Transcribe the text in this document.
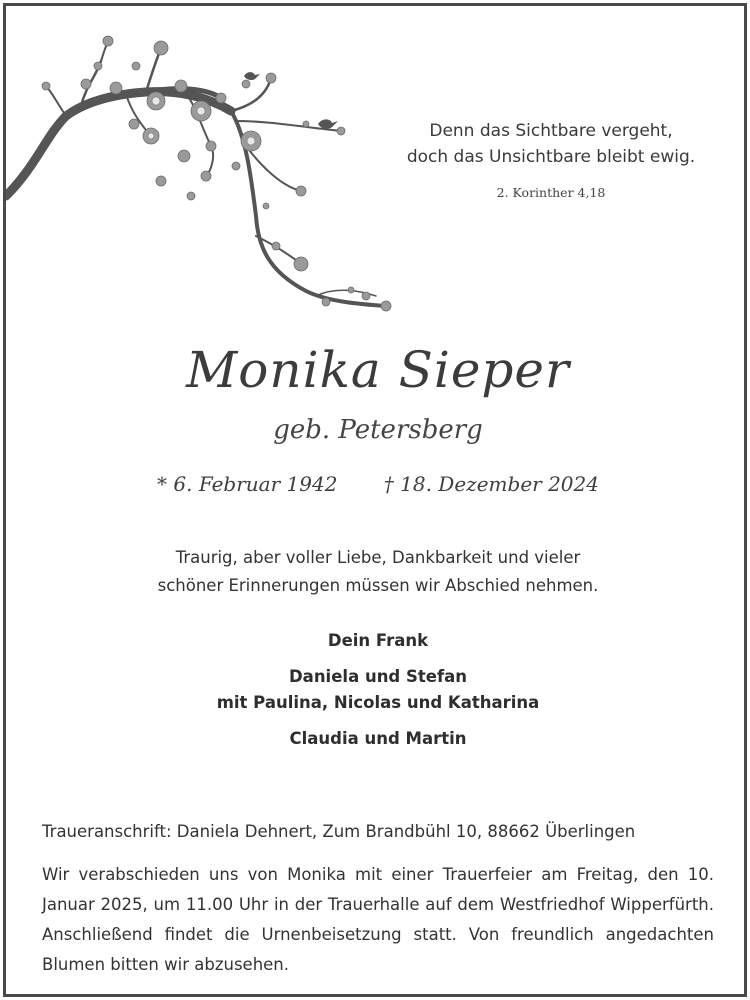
Denn das Sichtbare vergeht,
doch das Unsichtbare bleibt ewig.
2. Korinther 4,18
Monika Sieper
geb. Petersberg
* 6. Februar 1942 † 18. Dezember 2024
Traurig, aber voller Liebe, Dankbarkeit und vieler
schöner Erinnerungen müssen wir Abschied nehmen.
Dein Frank
Daniela und Stefan
mit Paulina, Nicolas und Katharina
Claudia und Martin
Traueranschrift: Daniela Dehnert, Zum Brandbühl 10, 88662 Überlingen
Wir verabschieden uns von Monika mit einer Trauerfeier am Freitag, den 10. Januar 2025, um 11.00 Uhr in der Trauerhalle auf dem Westfriedhof Wipperfürth. Anschließend findet die Urnenbeisetzung statt. Von freundlich angedachten Blumen bitten wir abzusehen.
